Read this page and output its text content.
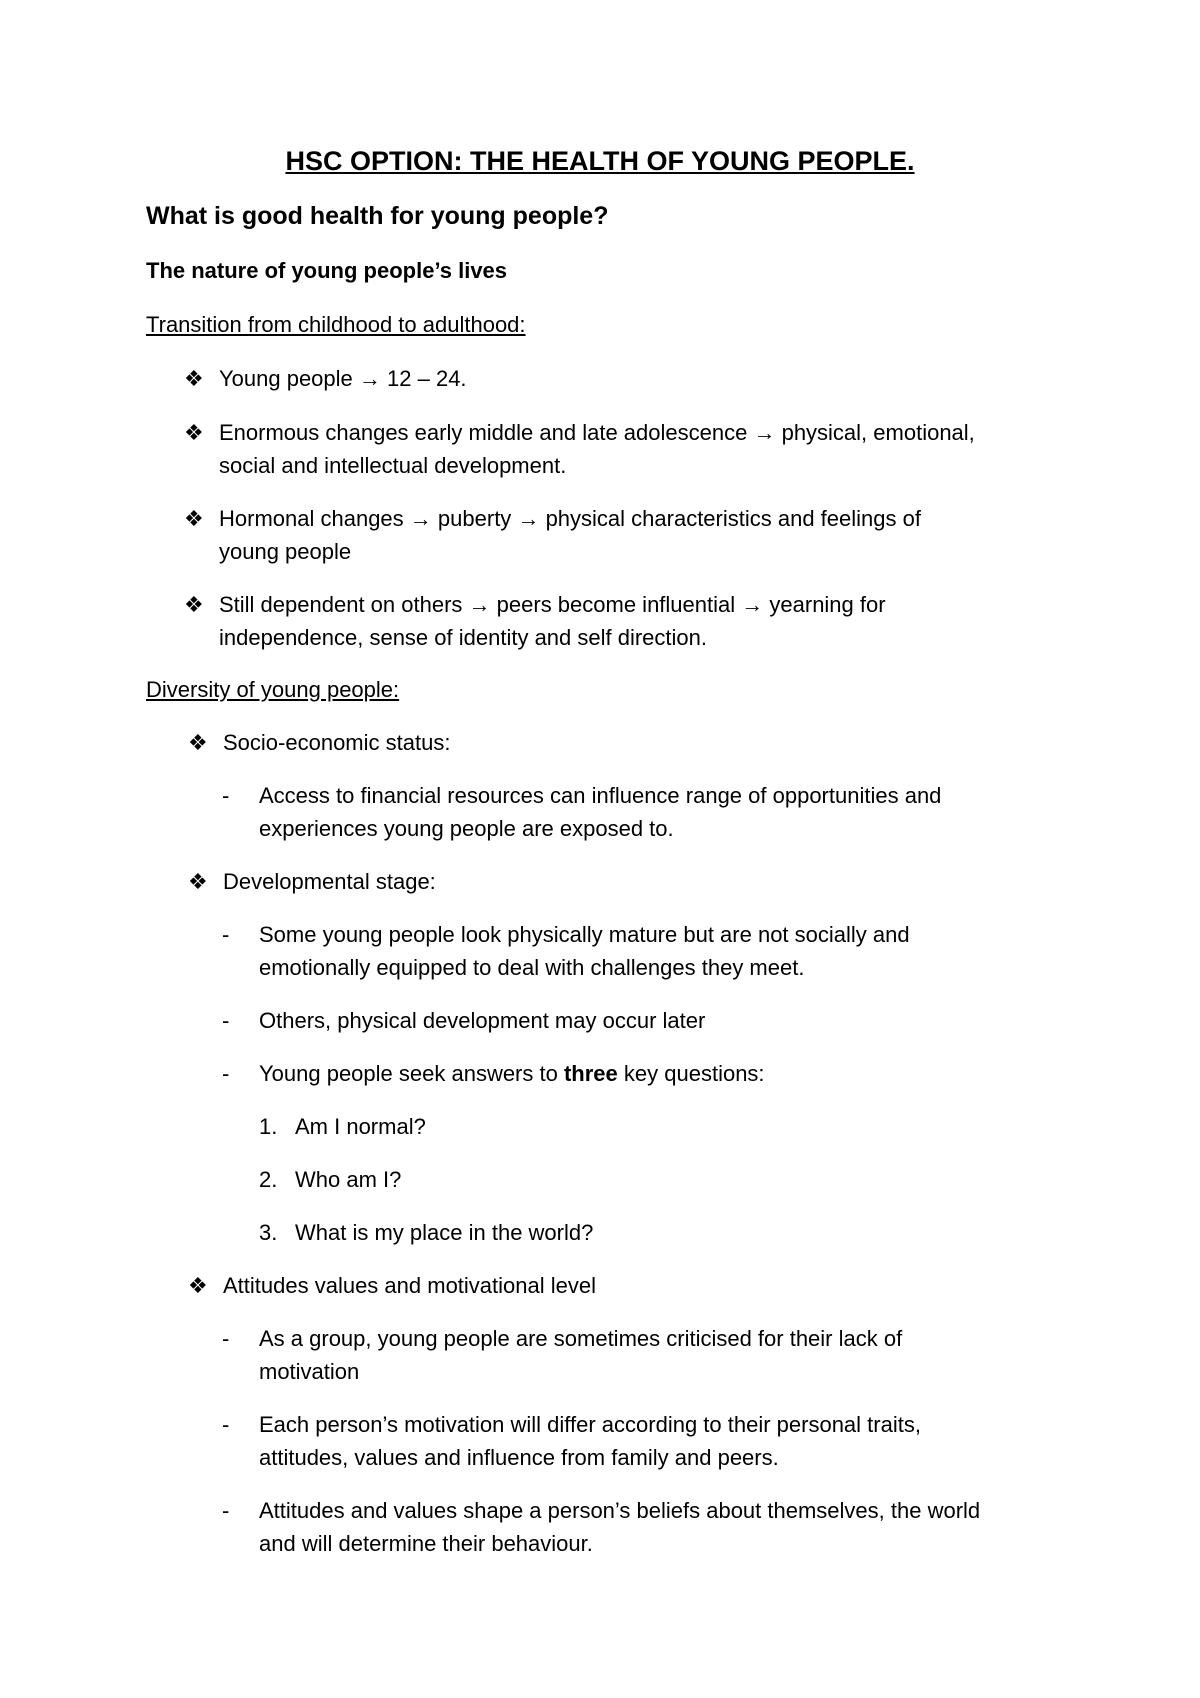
HSC OPTION: THE HEALTH OF YOUNG PEOPLE.
What is good health for young people?
The nature of young people’s lives
Transition from childhood to adulthood:
❖ Young people → 12 – 24.
❖ Enormous changes early middle and late adolescence → physical, emotional,
social and intellectual development.
❖ Hormonal changes → puberty → physical characteristics and feelings of
young people
❖ Still dependent on others → peers become influential → yearning for
independence, sense of identity and self direction.
Diversity of young people:
❖ Socio-economic status:
- Access to financial resources can influence range of opportunities and
experiences young people are exposed to.
❖ Developmental stage:
- Some young people look physically mature but are not socially and
emotionally equipped to deal with challenges they meet.
- Others, physical development may occur later
- Young people seek answers to three key questions:
1. Am I normal?
2. Who am I?
3. What is my place in the world?
❖ Attitudes values and motivational level
- As a group, young people are sometimes criticised for their lack of
motivation
- Each person’s motivation will differ according to their personal traits,
attitudes, values and influence from family and peers.
- Attitudes and values shape a person’s beliefs about themselves, the world
and will determine their behaviour.
